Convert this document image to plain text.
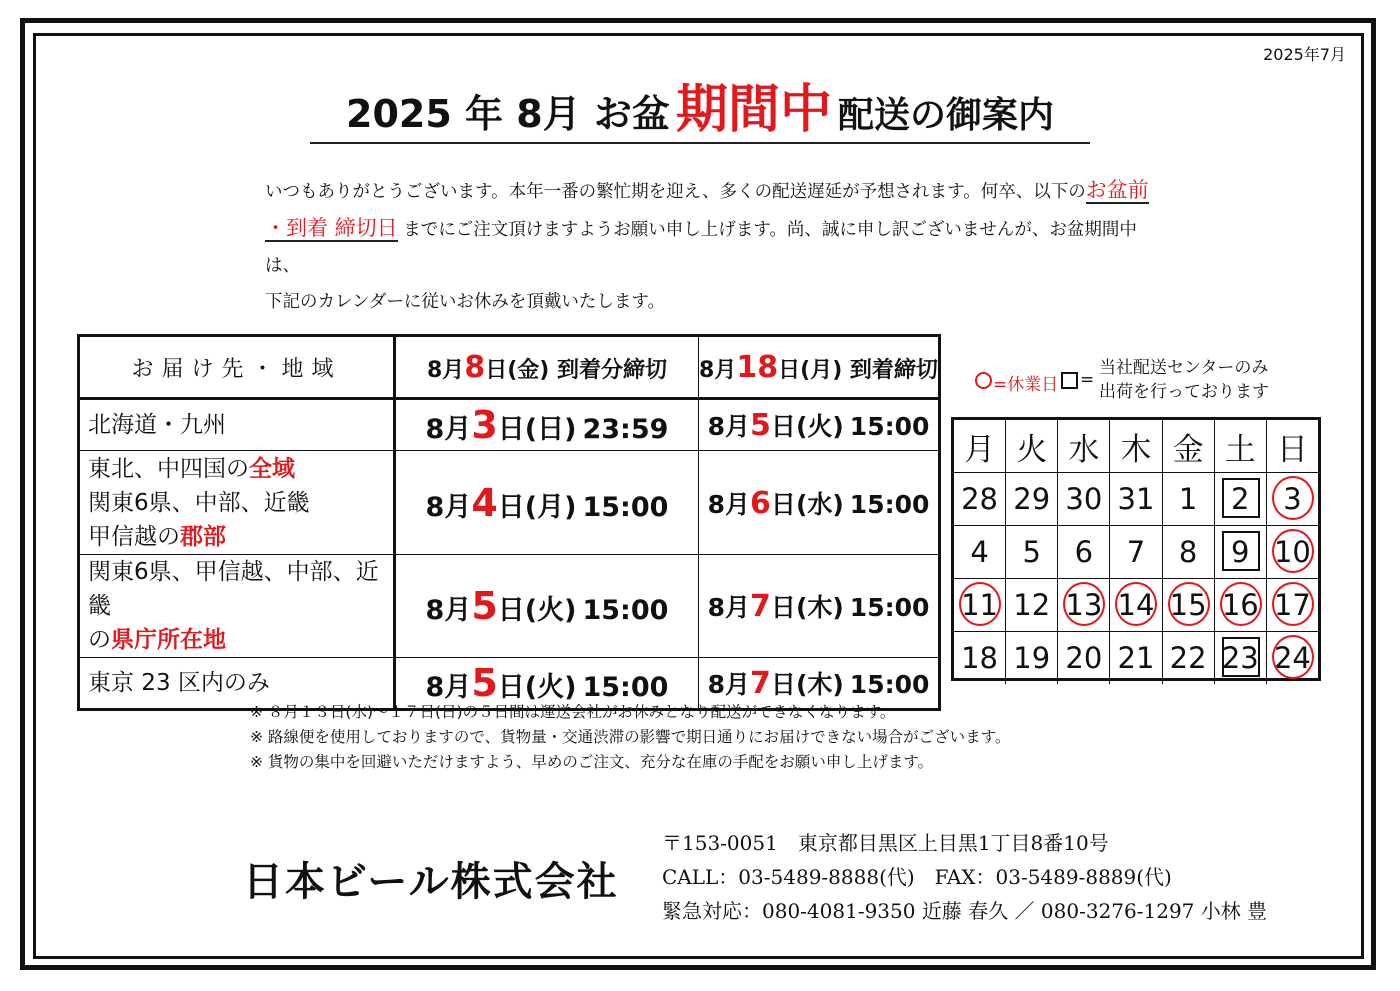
2025年7月
2025 年 8月 お盆 期間中 配送の御案内
いつもありがとうございます。本年一番の繁忙期を迎え、多くの配送遅延が予想されます。何卒、以下のお盆前
・到着 締切日 までにご注文頂けますようお願い申し上げます。尚、誠に申し訳ございませんが、お盆期間中は、
下記のカレンダーに従いお休みを頂戴いたします。
お届け先・地域	8月8日(金) 到着分締切	8月18日(月) 到着締切

北海道・九州	8月3日(日) 23:59	8月5日(火) 15:00

東北、中四国の全域
関東6県、中部、近畿
甲信越の郡部	8月4日(月) 15:00	8月6日(水) 15:00

関東6県、甲信越、中部、近畿
の県庁所在地	8月5日(火) 15:00	8月7日(木) 15:00

東京 23 区内のみ	8月5日(火) 15:00	8月7日(木) 15:00
=休業日 =
当社配送センターのみ
出荷を行っております
月 火 水 木 金 土 日
28 29 30 31 1	2	3
4	5	6	7	8	9 10
11 12 13 14 15 16 17
18 19 20 21 22 23 24
※ ８月１３日(水)～１７日(日)の５日間は運送会社がお休みとなり配送ができなくなります。
※ 路線便を使用しておりますので、貨物量・交通渋滞の影響で期日通りにお届けできない場合がございます。
※ 貨物の集中を回避いただけますよう、早めのご注文、充分な在庫の手配をお願い申し上げます。
日本ビール株式会社
〒153-0051　東京都目黒区上目黒1丁目8番10号
CALL：03-5489-8888(代)　FAX：03-5489-8889(代)
緊急対応：080-4081-9350 近藤 春久 ／ 080-3276-1297 小林 豊
